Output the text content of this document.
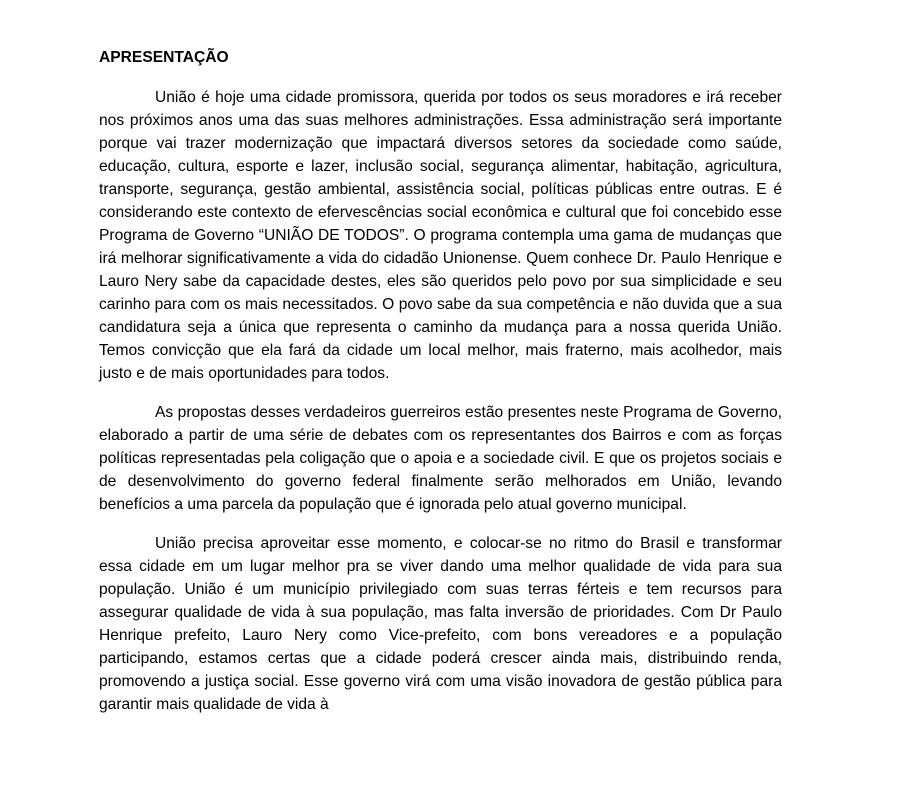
APRESENTAÇÃO

União é hoje uma cidade promissora, querida por todos os seus moradores e irá receber nos próximos anos uma das suas melhores administrações. Essa administração será importante porque vai trazer modernização que impactará diversos setores da sociedade como saúde, educação, cultura, esporte e lazer, inclusão social, segurança alimentar, habitação, agricultura, transporte, segurança, gestão ambiental, assistência social, políticas públicas entre outras. E é considerando este contexto de efervescências social econômica e cultural que foi concebido esse Programa de Governo “UNIÃO DE TODOS”. O programa contempla uma gama de mudanças que irá melhorar significativamente a vida do cidadão Unionense. Quem conhece Dr. Paulo Henrique e Lauro Nery sabe da capacidade destes, eles são queridos pelo povo por sua simplicidade e seu carinho para com os mais necessitados. O povo sabe da sua competência e não duvida que a sua candidatura seja a única que representa o caminho da mudança para a nossa querida União. Temos convicção que ela fará da cidade um local melhor, mais fraterno, mais acolhedor, mais justo e de mais oportunidades para todos.

As propostas desses verdadeiros guerreiros estão presentes neste Programa de Governo, elaborado a partir de uma série de debates com os representantes dos Bairros e com as forças políticas representadas pela coligação que o apoia e a sociedade civil. E que os projetos sociais e de desenvolvimento do governo federal finalmente serão melhorados em União, levando benefícios a uma parcela da população que é ignorada pelo atual governo municipal.

União precisa aproveitar esse momento, e colocar-se no ritmo do Brasil e transformar essa cidade em um lugar melhor pra se viver dando uma melhor qualidade de vida para sua população. União é um município privilegiado com suas terras férteis e tem recursos para assegurar qualidade de vida à sua população, mas falta inversão de prioridades. Com Dr Paulo Henrique prefeito, Lauro Nery como Vice-prefeito, com bons vereadores e a população participando, estamos certas que a cidade poderá crescer ainda mais, distribuindo renda, promovendo a justiça social. Esse governo virá com uma visão inovadora de gestão pública para garantir mais qualidade de vida à
